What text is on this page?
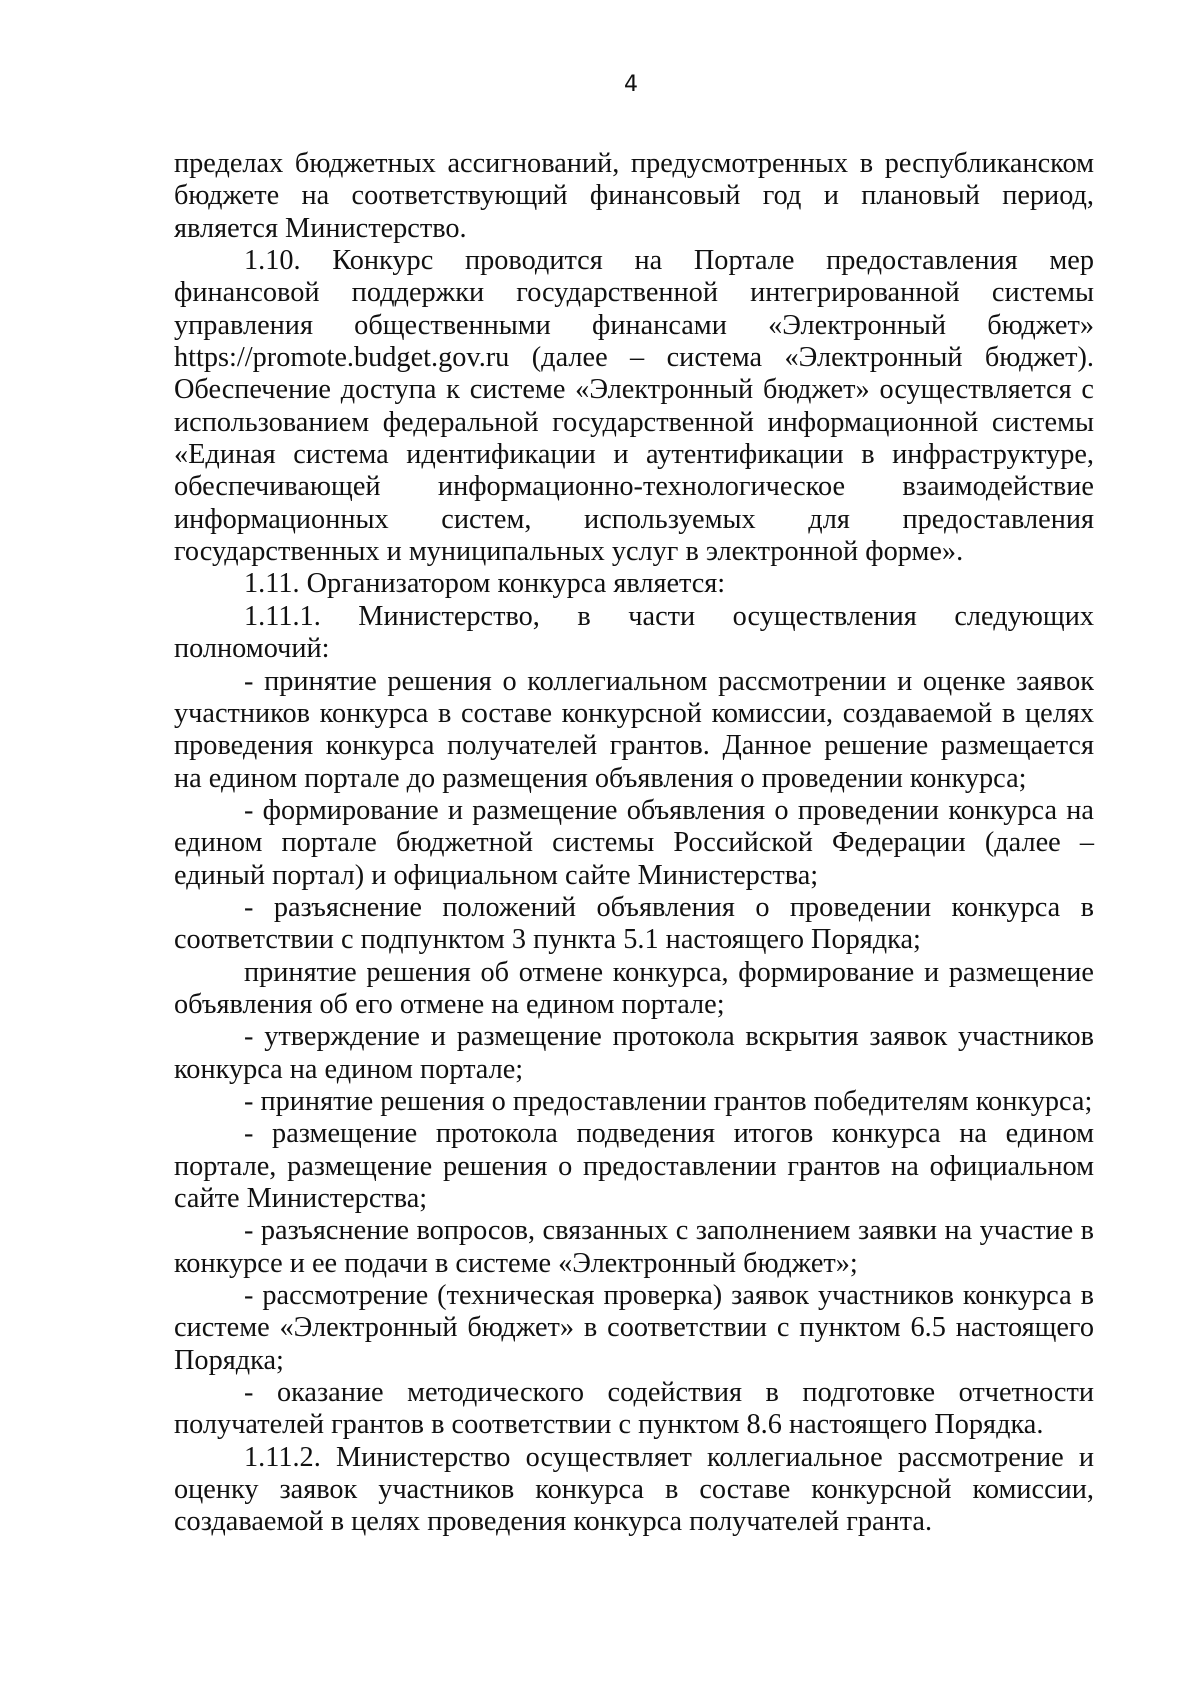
4

пределах бюджетных ассигнований, предусмотренных в республиканском бюджете на соответствующий финансовый год и плановый период, является Министерство.

1.10. Конкурс проводится на Портале предоставления мер финансовой поддержки государственной интегрированной системы управления общественными финансами «Электронный бюджет» https://promote.budget.gov.ru (далее – система «Электронный бюджет). Обеспечение доступа к системе «Электронный бюджет» осуществляется с использованием федеральной государственной информационной системы «Единая система идентификации и аутентификации в инфраструктуре, обеспечивающей информационно-технологическое взаимодействие информационных систем, используемых для предоставления государственных и муниципальных услуг в электронной форме».

1.11. Организатором конкурса является:

1.11.1. Министерство, в части осуществления следующих полномочий:

- принятие решения о коллегиальном рассмотрении и оценке заявок участников конкурса в составе конкурсной комиссии, создаваемой в целях проведения конкурса получателей грантов. Данное решение размещается на едином портале до размещения объявления о проведении конкурса;

- формирование и размещение объявления о проведении конкурса на едином портале бюджетной системы Российской Федерации (далее – единый портал) и официальном сайте Министерства;

- разъяснение положений объявления о проведении конкурса в соответствии с подпунктом 3 пункта 5.1 настоящего Порядка;

принятие решения об отмене конкурса, формирование и размещение объявления об его отмене на едином портале;

- утверждение и размещение протокола вскрытия заявок участников конкурса на едином портале;

- принятие решения о предоставлении грантов победителям конкурса;

- размещение протокола подведения итогов конкурса на едином портале, размещение решения о предоставлении грантов на официальном сайте Министерства;

- разъяснение вопросов, связанных с заполнением заявки на участие в конкурсе и ее подачи в системе «Электронный бюджет»;

- рассмотрение (техническая проверка) заявок участников конкурса в системе «Электронный бюджет» в соответствии с пунктом 6.5 настоящего Порядка;

- оказание методического содействия в подготовке отчетности получателей грантов в соответствии с пунктом 8.6 настоящего Порядка.

1.11.2. Министерство осуществляет коллегиальное рассмотрение и оценку заявок участников конкурса в составе конкурсной комиссии, создаваемой в целях проведения конкурса получателей гранта.
